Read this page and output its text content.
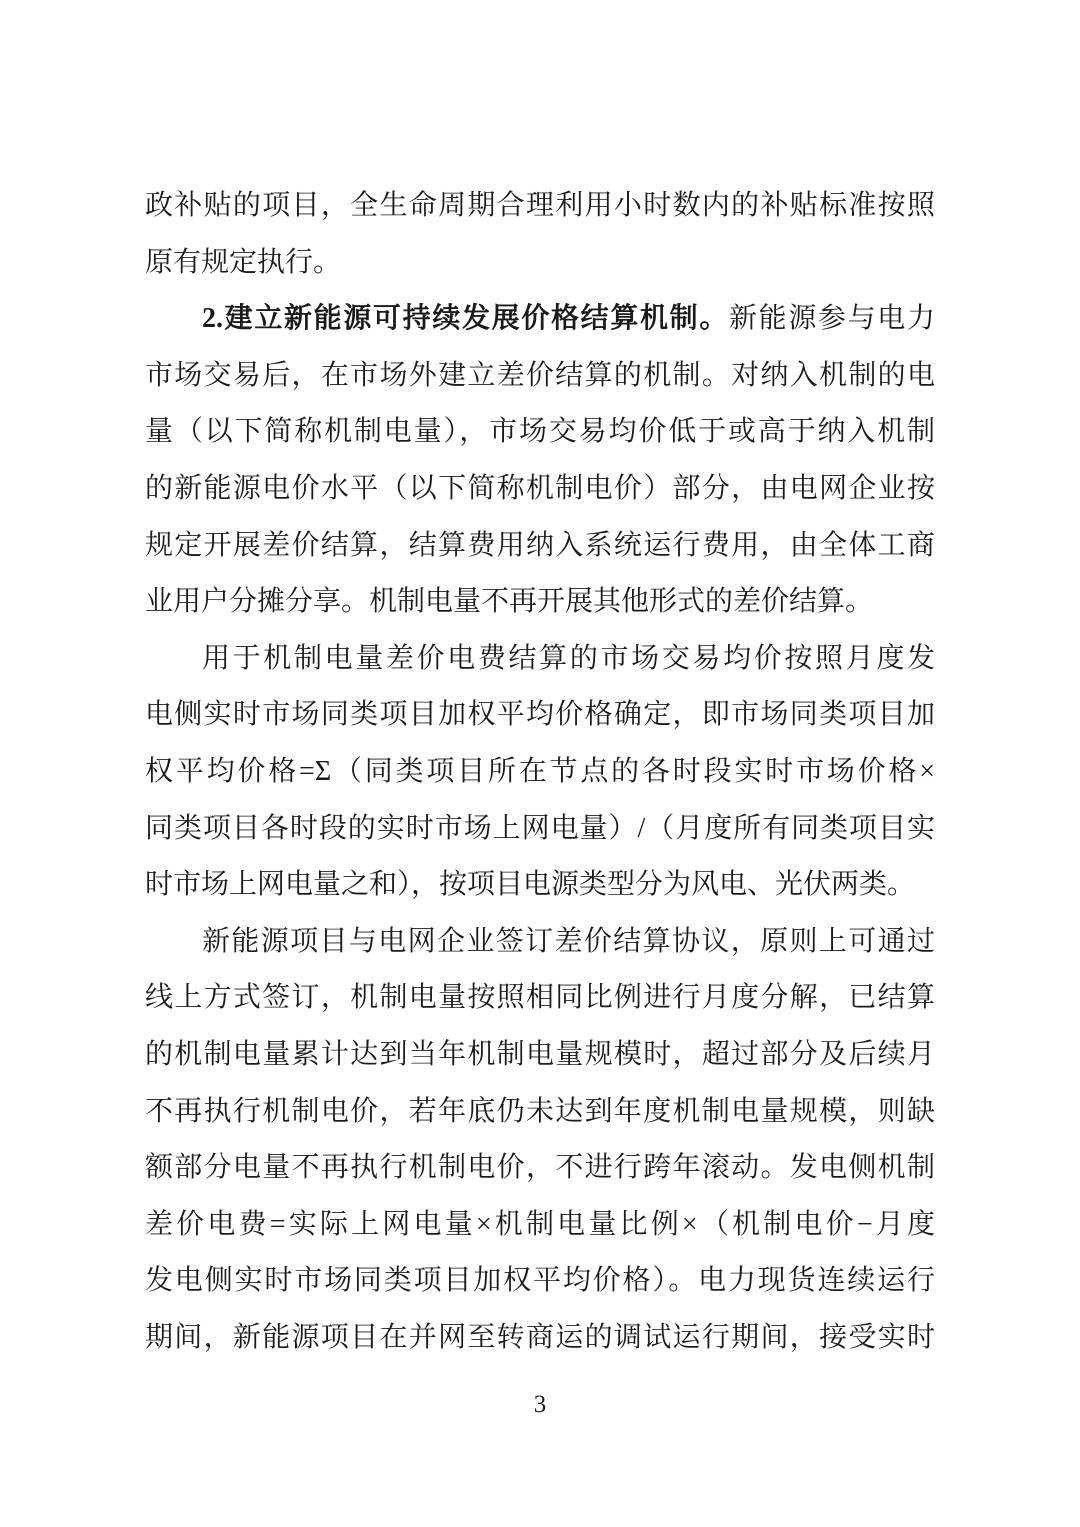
政补贴的项目，全生命周期合理利用小时数内的补贴标准按照
原有规定执行。
2.建立新能源可持续发展价格结算机制。新能源参与电力
市场交易后，在市场外建立差价结算的机制。对纳入机制的电
量（以下简称机制电量），市场交易均价低于或高于纳入机制
的新能源电价水平（以下简称机制电价）部分，由电网企业按
规定开展差价结算，结算费用纳入系统运行费用，由全体工商
业用户分摊分享。机制电量不再开展其他形式的差价结算。
用于机制电量差价电费结算的市场交易均价按照月度发
电侧实时市场同类项目加权平均价格确定，即市场同类项目加
权平均价格=Σ（同类项目所在节点的各时段实时市场价格×
同类项目各时段的实时市场上网电量）/（月度所有同类项目实
时市场上网电量之和），按项目电源类型分为风电、光伏两类。
新能源项目与电网企业签订差价结算协议，原则上可通过
线上方式签订，机制电量按照相同比例进行月度分解，已结算
的机制电量累计达到当年机制电量规模时，超过部分及后续月
不再执行机制电价，若年底仍未达到年度机制电量规模，则缺
额部分电量不再执行机制电价，不进行跨年滚动。发电侧机制
差价电费=实际上网电量×机制电量比例×（机制电价−月度
发电侧实时市场同类项目加权平均价格）。电力现货连续运行
期间，新能源项目在并网至转商运的调试运行期间，接受实时
3
